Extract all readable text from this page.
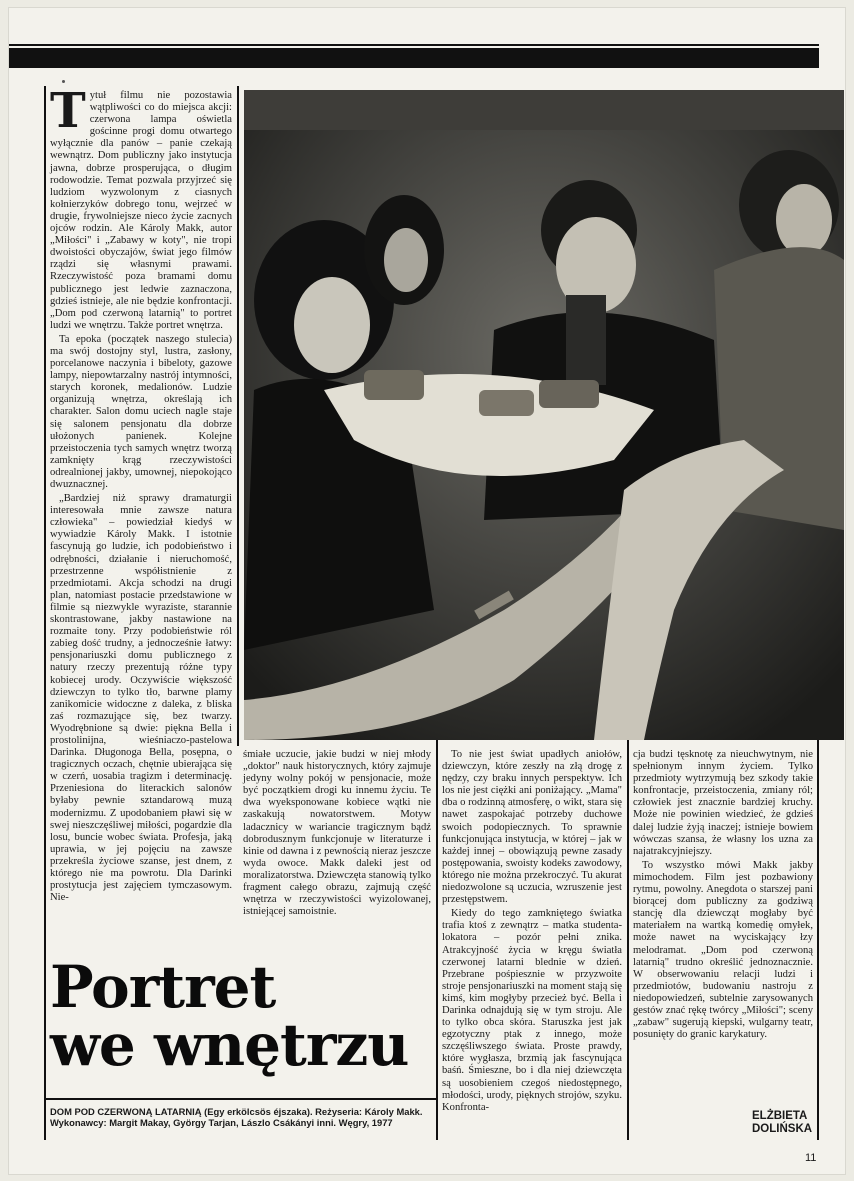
Tytuł filmu nie pozostawia wątpliwości co do miejsca akcji: czerwona lampa oświetla gościnne progi domu otwartego wyłącznie dla panów – panie czekają wewnątrz. Dom publiczny jako instytucja jawna, dobrze prosperująca, o długim rodowodzie. Temat pozwala przyjrzeć się ludziom wyzwolonym z ciasnych kołnierzyków dobrego tonu, wejrzeć w drugie, frywolniejsze nieco życie zacnych ojców rodzin. Ale Károly Makk, autor „Miłości" i „Zabawy w koty", nie tropi dwoistości obyczajów, świat jego filmów rządzi się własnymi prawami. Rzeczywistość poza bramami domu publicznego jest ledwie zaznaczona, gdzieś istnieje, ale nie będzie konfrontacji. „Dom pod czerwoną latarnią" to portret ludzi we wnętrzu. Także portret wnętrza.

Ta epoka (początek naszego stulecia) ma swój dostojny styl, lustra, zasłony, porcelanowe naczynia i bibeloty, gazowe lampy, niepowtarzalny nastrój intymności, starych koronek, medalionów. Ludzie organizują wnętrza, określają ich charakter. Salon domu uciech nagle staje się salonem pensjonatu dla dobrze ułożonych panienek. Kolejne przeistoczenia tych samych wnętrz tworzą zamknięty krąg rzeczywistości odrealnionej jakby, umownej, niepokojąco dwuznacznej.

„Bardziej niż sprawy dramaturgii interesowała mnie zawsze natura człowieka" – powiedział kiedyś w wywiadzie Károly Makk. I istotnie fascynują go ludzie, ich podobieństwo i odrębności, działanie i nieruchomość, przestrzenne współistnienie z przedmiotami. Akcja schodzi na drugi plan, natomiast postacie przedstawione w filmie są niezwykle wyraziste, starannie skontrastowane, jakby nastawione na rozmaite tony. Przy podobieństwie ról zabieg dość trudny, a jednocześnie łatwy: pensjonariuszki domu publicznego z natury rzeczy prezentują różne typy kobiecej urody. Oczywiście większość dziewczyn to tylko tło, barwne plamy zanikomicie widoczne z daleka, z bliska zaś rozmazujące się, bez twarzy. Wyodrębnione są dwie: piękna Bella i prostolinijna, wieśniaczo-pastelowa Darinka. Długonoga Bella, posępna, o tragicznych oczach, chętnie ubierająca się w czerń, uosabia tragizm i determinację. Przeniesiona do literackich salonów byłaby pewnie sztandarową muzą modernizmu. Z upodobaniem pławi się w swej nieszczęśliwej miłości, pogardzie dla losu, buncie wobec świata. Profesja, jaką uprawia, w jej pojęciu na zawsze przekreśla życiowe szanse, jest dnem, z którego nie ma powrotu. Dla Darinki prostytucja jest zajęciem tymczasowym. Nie-

śmiałe uczucie, jakie budzi w niej młody „doktor" nauk historycznych, który zajmuje jedyny wolny pokój w pensjonacie, może być początkiem drogi ku innemu życiu. Te dwa wyeksponowane kobiece wątki nie zaskakują nowatorstwem. Motyw ladacznicy w wariancie tragicznym bądź dobrodusznym funkcjonuje w literaturze i kinie od dawna i z pewnością nieraz jeszcze wyda owoce. Makk daleki jest od moralizatorstwa. Dziewczęta stanowią tylko fragment całego obrazu, zajmują część wnętrza w rzeczywistości wyizolowanej, istniejącej samoistnie.

To nie jest świat upadłych aniołów, dziewczyn, które zeszły na złą drogę z nędzy, czy braku innych perspektyw. Ich los nie jest ciężki ani poniżający. „Mama" dba o rodzinną atmosferę, o wikt, stara się nawet zaspokajać potrzeby duchowe swoich podopiecznych. To sprawnie funkcjonująca instytucja, w której – jak w każdej innej – obowiązują pewne zasady postępowania, swoisty kodeks zawodowy, którego nie można przekroczyć. Tu akurat niedozwolone są uczucia, wzruszenie jest przestępstwem.

Kiedy do tego zamkniętego światka trafia ktoś z zewnątrz – matka studenta-lokatora – pozór pełni znika. Atrakcyjność życia w kręgu światła czerwonej latarni blednie w dzień. Przebrane pośpiesznie w przyzwoite stroje pensjonariuszki na moment stają się kimś, kim mogłyby przecież być. Bella i Darinka odnajdują się w tym stroju. Ale to tylko obca skóra. Staruszka jest jak egzotyczny ptak z innego, może szczęśliwszego świata. Proste prawdy, które wygłasza, brzmią jak fascynująca baśń. Śmieszne, bo i dla niej dziewczęta są uosobieniem czegoś niedostępnego, młodości, urody, pięknych strojów, szyku. Konfronta-

cja budzi tęsknotę za nieuchwytnym, nie spełnionym innym życiem. Tylko przedmioty wytrzymują bez szkody takie konfrontacje, przeistoczenia, zmiany ról; człowiek jest znacznie bardziej kruchy. Może nie powinien wiedzieć, że gdzieś dalej ludzie żyją inaczej; istnieje bowiem wówczas szansa, że własny los uzna za najatrakcyjniejszy.

To wszystko mówi Makk jakby mimochodem. Film jest pozbawiony rytmu, powolny. Anegdota o starszej pani biorącej dom publiczny za godziwą stancję dla dziewcząt mogłaby być materiałem na wartką komedię omyłek, może nawet na wyciskający łzy melodramat. „Dom pod czerwoną latarnią" trudno określić jednoznacznie. W obserwowaniu relacji ludzi i przedmiotów, budowaniu nastroju z niedopowiedzeń, subtelnie zarysowanych gestów znać rękę twórcy „Miłości"; sceny „zabaw" sugerują kiepski, wulgarny teatr, posunięty do granic karykatury.

Portret
we wnętrzu
DOM POD CZERWONĄ LATARNIĄ (Egy erkölcsös éjszaka). Reżyseria: Károly Makk. Wykonawcy: Margit Makay, György Tarjan, Lászlo Csákányi inni. Węgry, 1977
ELŻBIETA
DOLIŃSKA
11
